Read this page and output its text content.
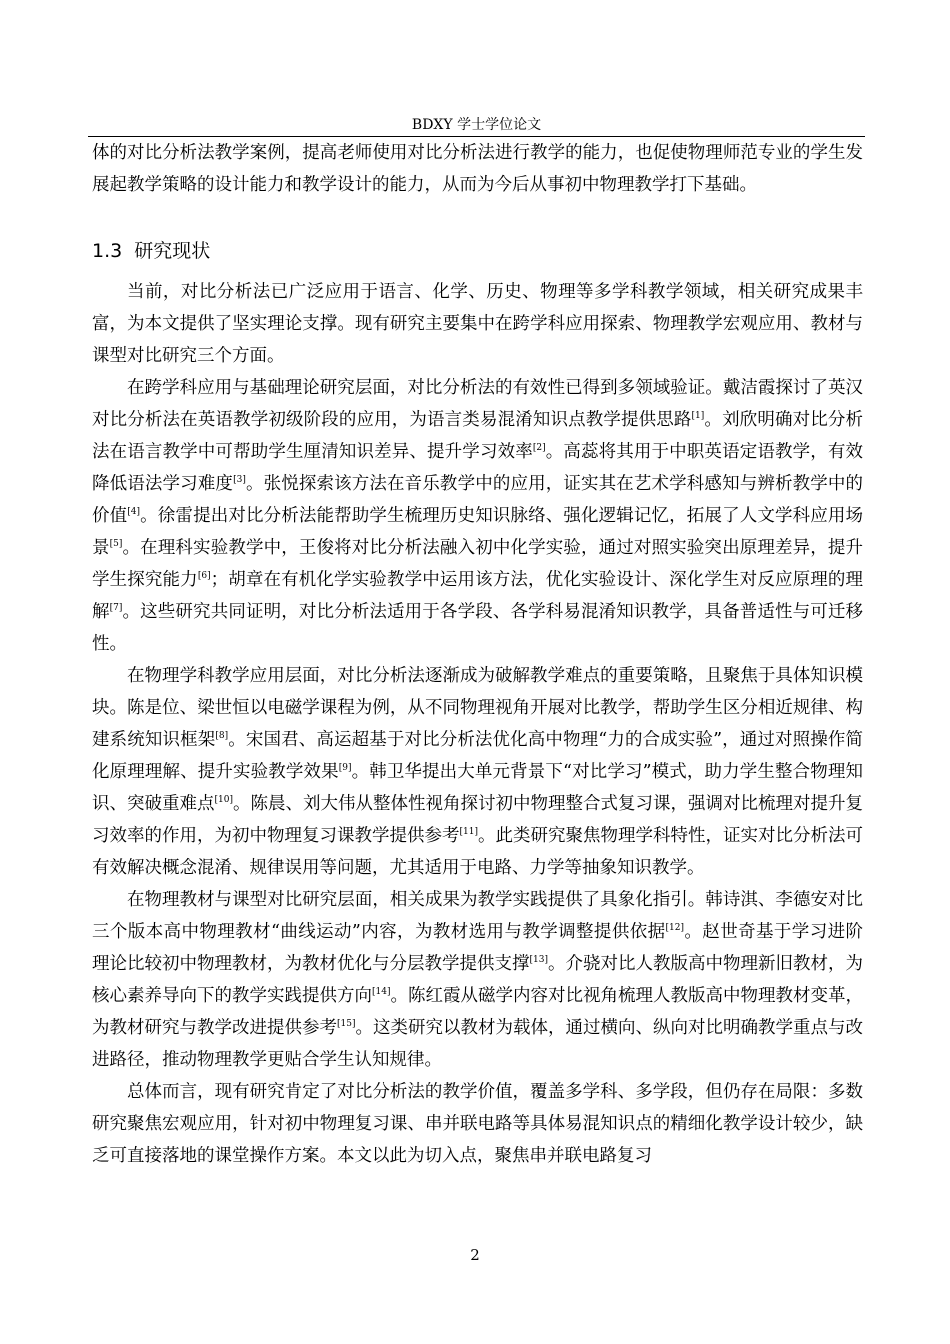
BDXY 学士学位论文

体的对比分析法教学案例，提高老师使用对比分析法进行教学的能力，也促使物理师范专业的学生发展起教学策略的设计能力和教学设计的能力，从而为今后从事初中物理教学打下基础。

1.3 研究现状

当前，对比分析法已广泛应用于语言、化学、历史、物理等多学科教学领域，相关研究成果丰富，为本文提供了坚实理论支撑。现有研究主要集中在跨学科应用探索、物理教学宏观应用、教材与课型对比研究三个方面。

在跨学科应用与基础理论研究层面，对比分析法的有效性已得到多领域验证。戴洁霞探讨了英汉对比分析法在英语教学初级阶段的应用，为语言类易混淆知识点教学提供思路[1]。刘欣明确对比分析法在语言教学中可帮助学生厘清知识差异、提升学习效率[2]。高蕊将其用于中职英语定语教学，有效降低语法学习难度[3]。张悦探索该方法在音乐教学中的应用，证实其在艺术学科感知与辨析教学中的价值[4]。徐雷提出对比分析法能帮助学生梳理历史知识脉络、强化逻辑记忆，拓展了人文学科应用场景[5]。在理科实验教学中，王俊将对比分析法融入初中化学实验，通过对照实验突出原理差异，提升学生探究能力[6]；胡章在有机化学实验教学中运用该方法，优化实验设计、深化学生对反应原理的理解[7]。这些研究共同证明，对比分析法适用于各学段、各学科易混淆知识教学，具备普适性与可迁移性。

在物理学科教学应用层面，对比分析法逐渐成为破解教学难点的重要策略，且聚焦于具体知识模块。陈是位、梁世恒以电磁学课程为例，从不同物理视角开展对比教学，帮助学生区分相近规律、构建系统知识框架[8]。宋国君、高运超基于对比分析法优化高中物理“力的合成实验”，通过对照操作简化原理理解、提升实验教学效果[9]。韩卫华提出大单元背景下“对比学习”模式，助力学生整合物理知识、突破重难点[10]。陈晨、刘大伟从整体性视角探讨初中物理整合式复习课，强调对比梳理对提升复习效率的作用，为初中物理复习课教学提供参考[11]。此类研究聚焦物理学科特性，证实对比分析法可有效解决概念混淆、规律误用等问题，尤其适用于电路、力学等抽象知识教学。

在物理教材与课型对比研究层面，相关成果为教学实践提供了具象化指引。韩诗淇、李德安对比三个版本高中物理教材“曲线运动”内容，为教材选用与教学调整提供依据[12]。赵世奇基于学习进阶理论比较初中物理教材，为教材优化与分层教学提供支撑[13]。介骁对比人教版高中物理新旧教材，为核心素养导向下的教学实践提供方向[14]。陈红霞从磁学内容对比视角梳理人教版高中物理教材变革，为教材研究与教学改进提供参考[15]。这类研究以教材为载体，通过横向、纵向对比明确教学重点与改进路径，推动物理教学更贴合学生认知规律。

总体而言，现有研究肯定了对比分析法的教学价值，覆盖多学科、多学段，但仍存在局限：多数研究聚焦宏观应用，针对初中物理复习课、串并联电路等具体易混知识点的精细化教学设计较少，缺乏可直接落地的课堂操作方案。本文以此为切入点，聚焦串并联电路复习

2
